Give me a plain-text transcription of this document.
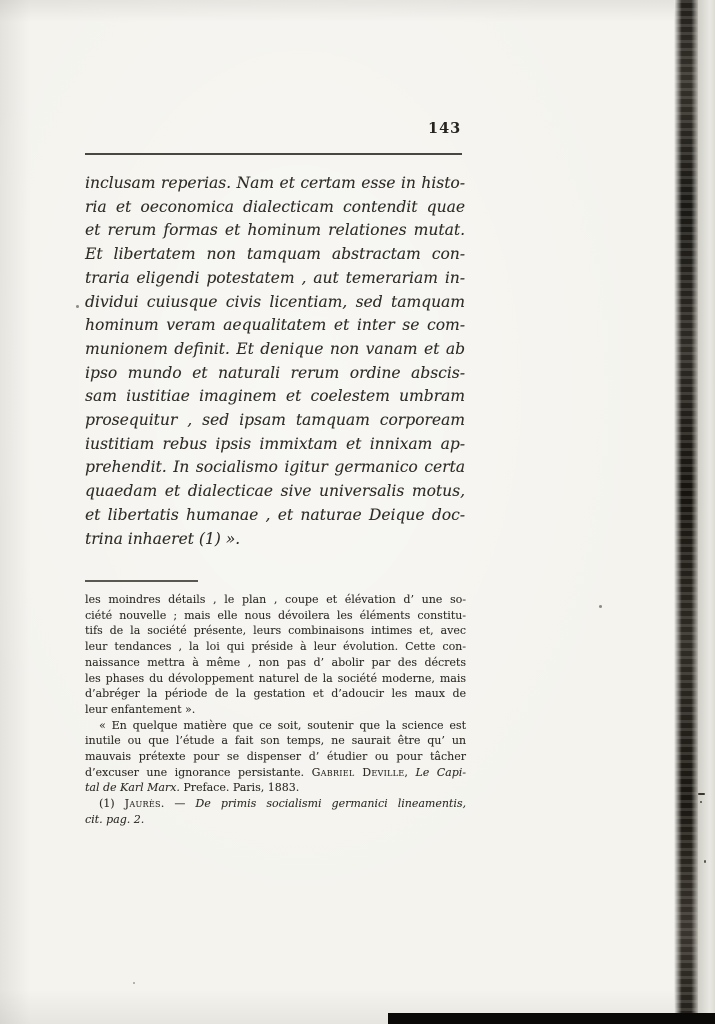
143
inclusam reperias. Nam et certam esse in histo-
ria et oeconomica dialecticam contendit quae
et rerum formas et hominum relationes mutat.
Et libertatem non tamquam abstractam con-
traria eligendi potestatem , aut temerariam in-
dividui cuiusque civis licentiam, sed tamquam
hominum veram aequalitatem et inter se com-
munionem definit. Et denique non vanam et ab
ipso mundo et naturali rerum ordine abscis-
sam iustitiae imaginem et coelestem umbram
prosequitur , sed ipsam tamquam corpoream
iustitiam rebus ipsis immixtam et innixam ap-
prehendit. In socialismo igitur germanico certa
quaedam et dialecticae sive universalis motus,
et libertatis humanae , et naturae Deique doc-
trina inhaeret (1) ».
les moindres détails , le plan , coupe et élévation d’ une so-
ciété nouvelle ; mais elle nous dévoilera les éléments constitu-
tifs de la société présente, leurs combinaisons intimes et, avec
leur tendances , la loi qui préside à leur évolution. Cette con-
naissance mettra à même , non pas d’ abolir par des décrets
les phases du dévoloppement naturel de la société moderne, mais
d’abréger la période de la gestation et d’adoucir les maux de
leur enfantement ».
« En quelque matière que ce soit, soutenir que la science est
inutile ou que l’étude a fait son temps, ne saurait être qu’ un
mauvais prétexte pour se dispenser d’ étudier ou pour tâcher
d’excuser une ignorance persistante. Gabriel Deville, Le Capi-
tal de Karl Marx. Preface. Paris, 1883.
(1) Jaurès. — De primis socialismi germanici lineamentis,
cit. pag. 2.
